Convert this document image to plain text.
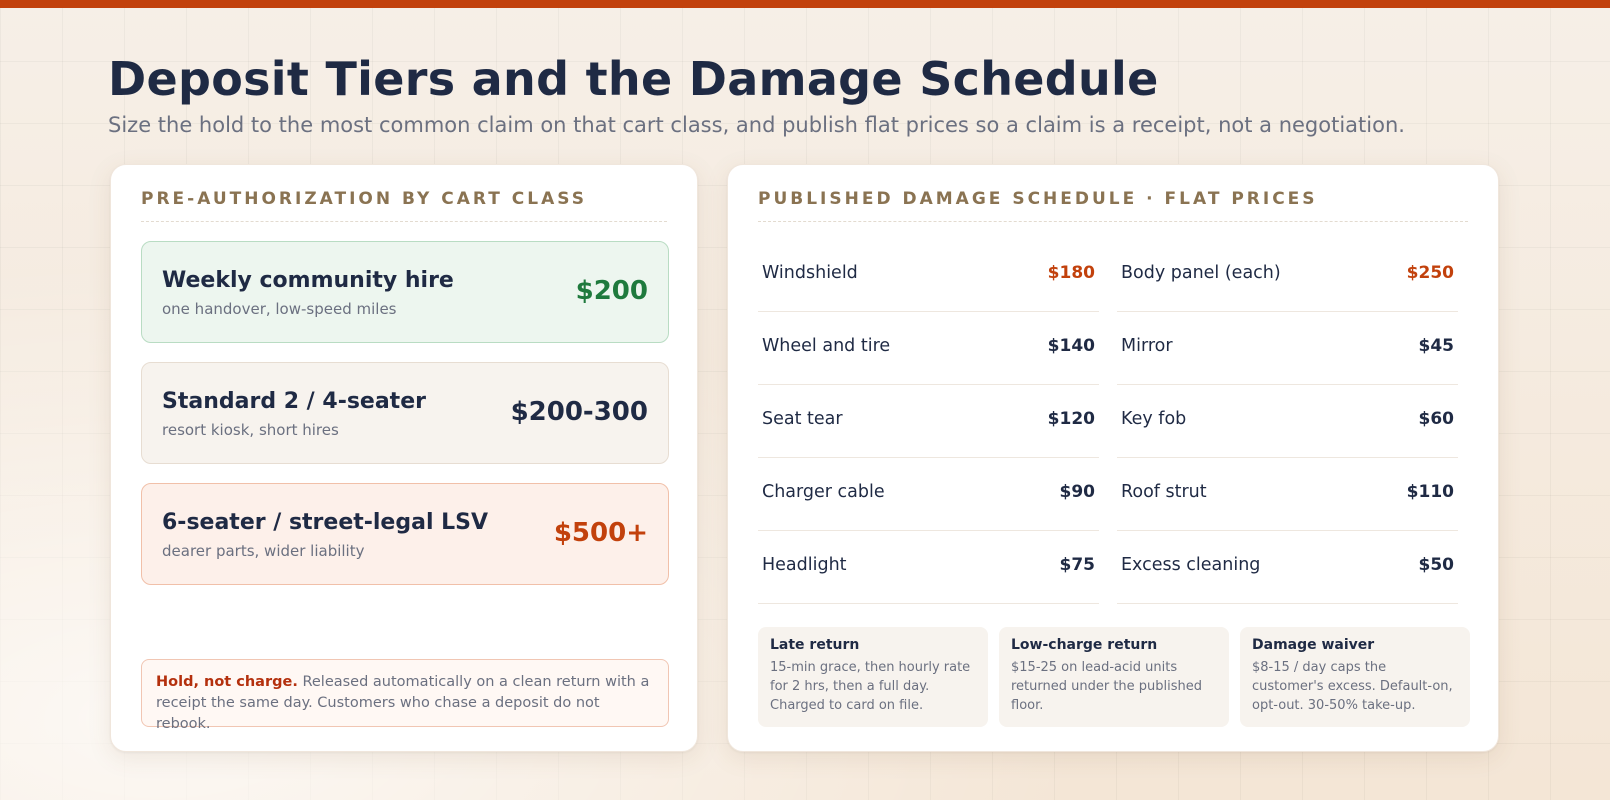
Deposit Tiers and the Damage Schedule

Size the hold to the most common claim on that cart class, and publish flat prices so a claim is a receipt, not a negotiation.

PRE-AUTHORIZATION BY CART CLASS
Weekly community hire
one handover, low-speed miles
$200
Standard 2 / 4-seater
resort kiosk, short hires
$200-300
6-seater / street-legal LSV
dearer parts, wider liability
$500+
Hold, not charge. Released automatically on a clean return with a receipt the same day. Customers who chase a deposit do not rebook.
PUBLISHED DAMAGE SCHEDULE · FLAT PRICES
Windshield	$180 Body panel (each)	$250
Wheel and tire	$140 Mirror	$45
Seat tear	$120 Key fob	$60
Charger cable	$90 Roof strut	$110
Headlight	$75 Excess cleaning	$50
Late return
15-min grace, then hourly rate for 2 hrs, then a full day. Charged to card on file.
Low-charge return
$15-25 on lead-acid units returned under the published floor.
Damage waiver
$8-15 / day caps the customer's excess. Default-on, opt-out. 30-50% take-up.
